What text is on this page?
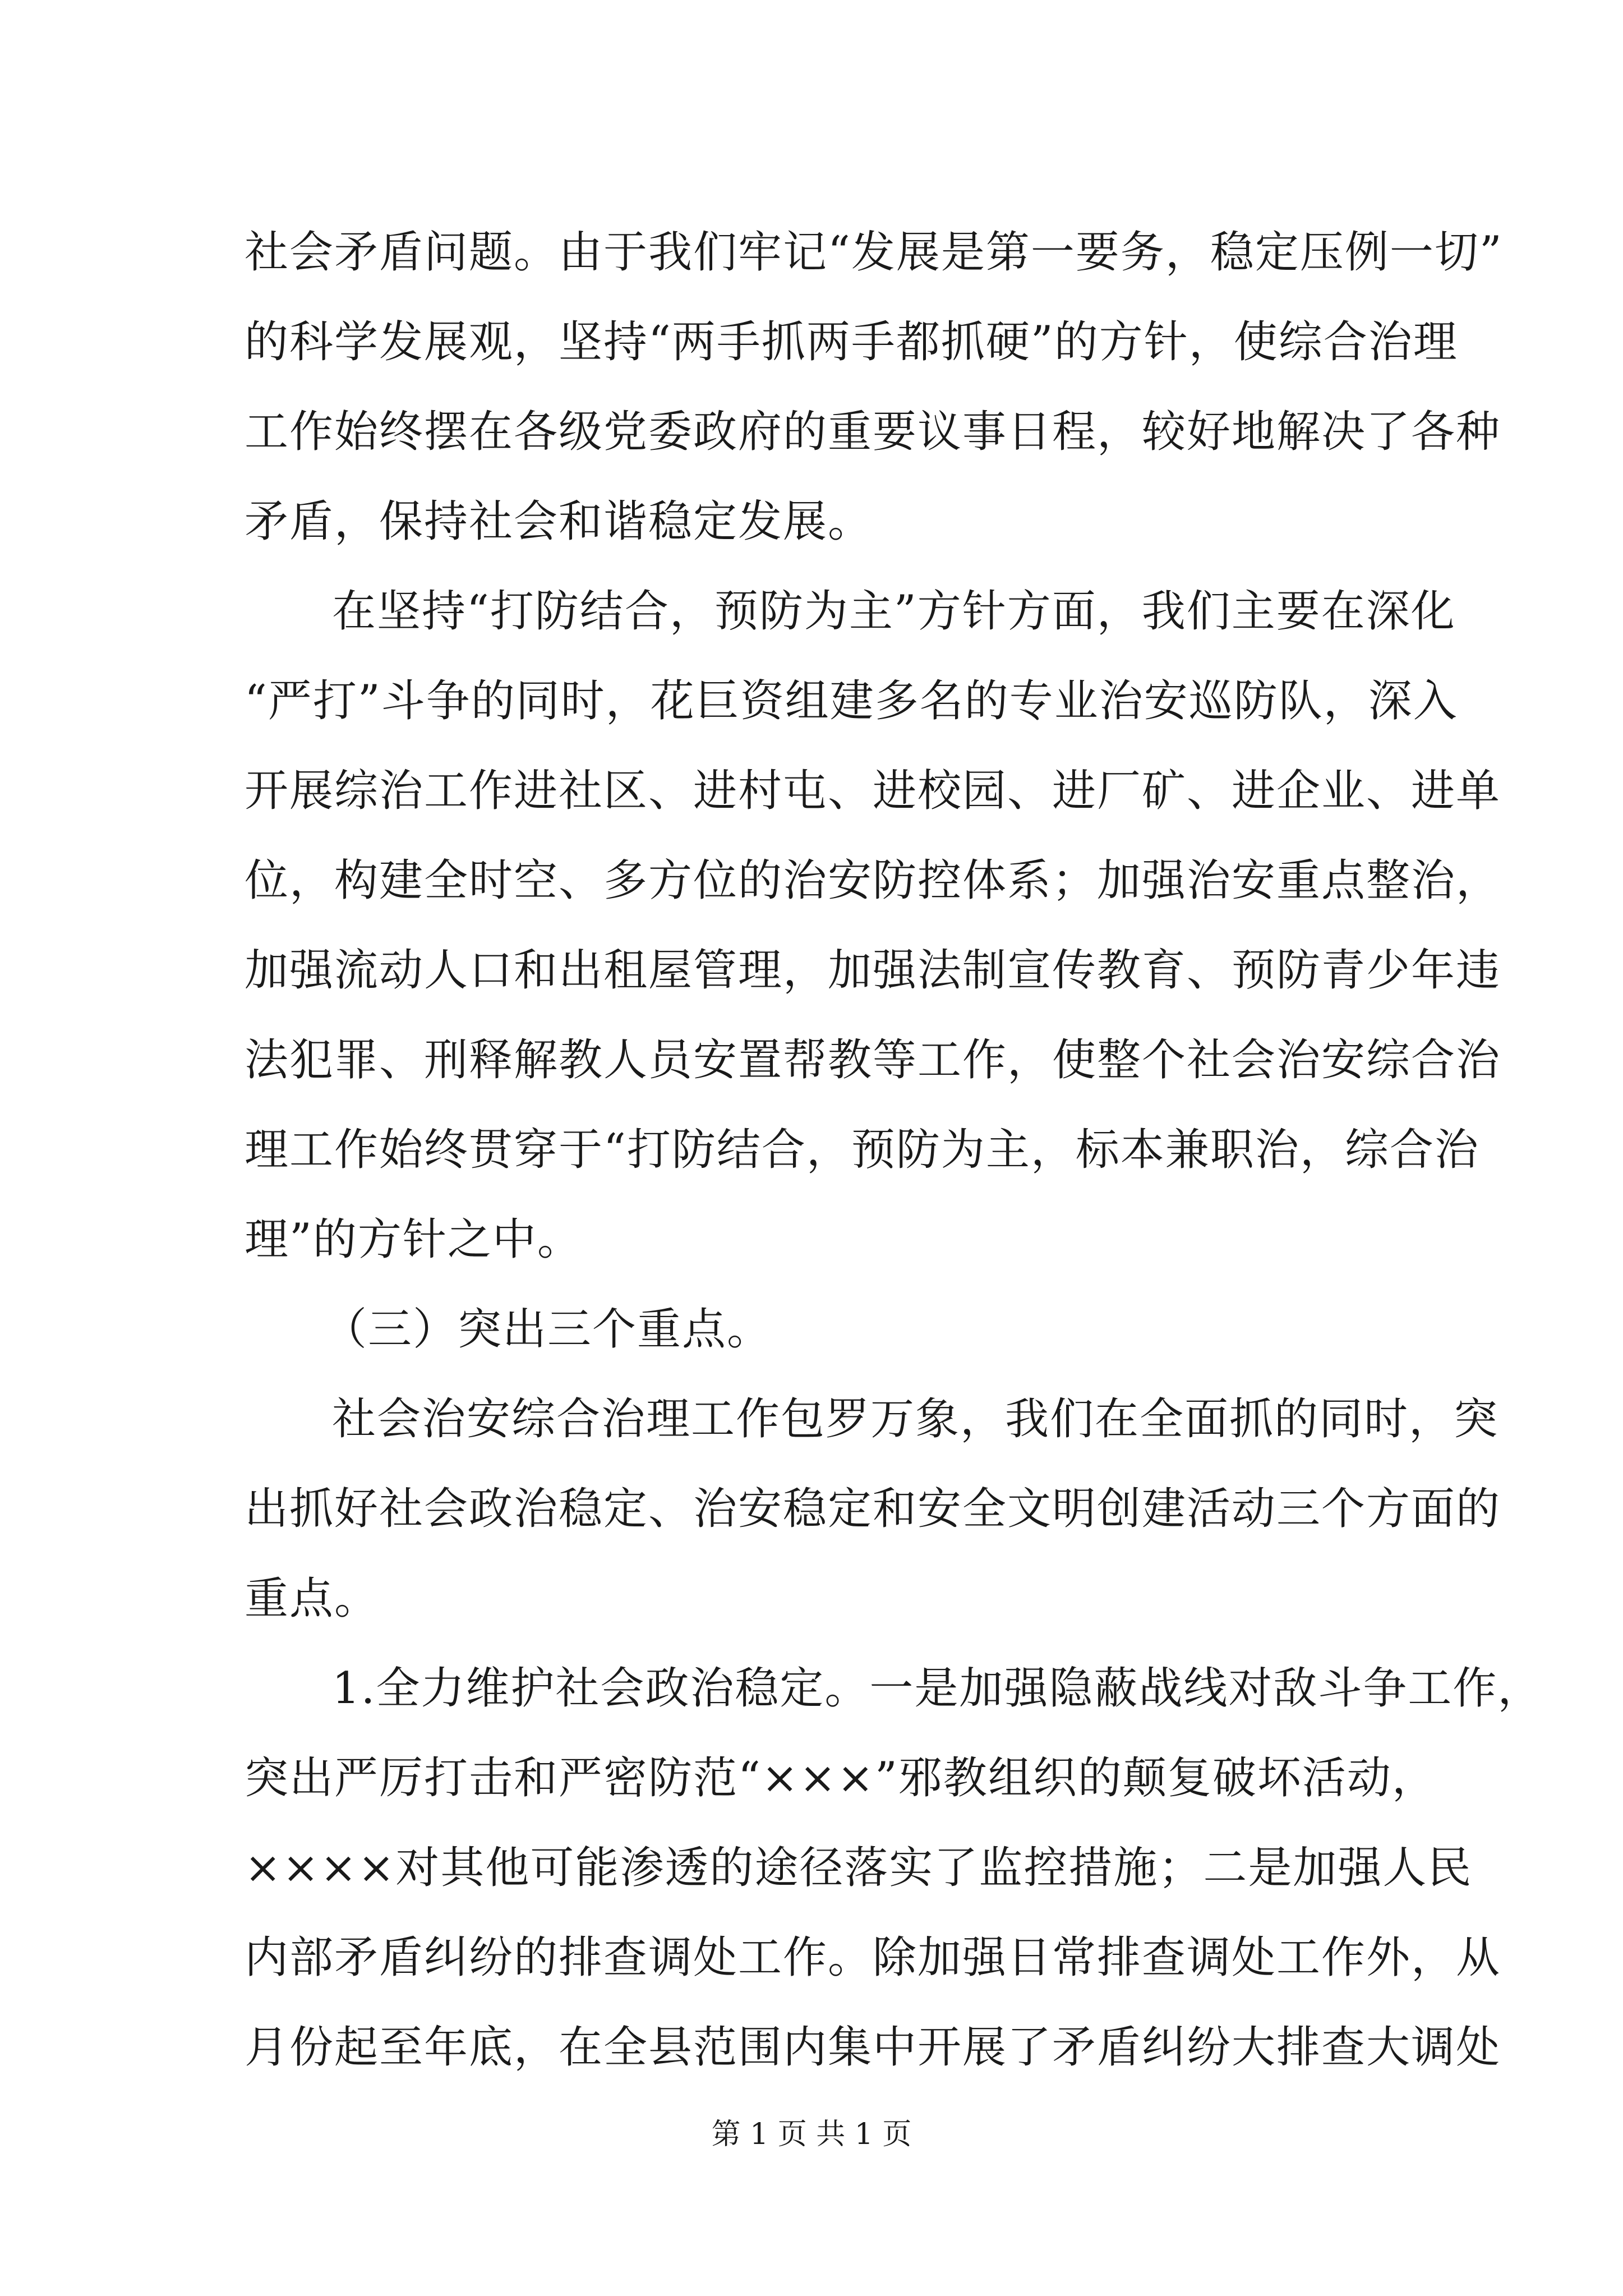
社会矛盾问题。由于我们牢记“发展是第一要务，稳定压例一切”
的科学发展观，坚持“两手抓两手都抓硬”的方针，使综合治理
工作始终摆在各级党委政府的重要议事日程，较好地解决了各种
矛盾，保持社会和谐稳定发展。
在坚持“打防结合，预防为主”方针方面，我们主要在深化
“严打”斗争的同时，花巨资组建多名的专业治安巡防队，深入
开展综治工作进社区、进村屯、进校园、进厂矿、进企业、进单
位，构建全时空、多方位的治安防控体系；加强治安重点整治，
加强流动人口和出租屋管理，加强法制宣传教育、预防青少年违
法犯罪、刑释解教人员安置帮教等工作，使整个社会治安综合治
理工作始终贯穿于“打防结合，预防为主，标本兼职治，综合治
理”的方针之中。
（三）突出三个重点。
社会治安综合治理工作包罗万象，我们在全面抓的同时，突
出抓好社会政治稳定、治安稳定和安全文明创建活动三个方面的
重点。
1.全力维护社会政治稳定。一是加强隐蔽战线对敌斗争工作，
突出严厉打击和严密防范“×××”邪教组织的颠复破坏活动，
××××对其他可能渗透的途径落实了监控措施；二是加强人民
内部矛盾纠纷的排查调处工作。除加强日常排查调处工作外，从
月份起至年底，在全县范围内集中开展了矛盾纠纷大排查大调处
第 1 页 共 1 页
